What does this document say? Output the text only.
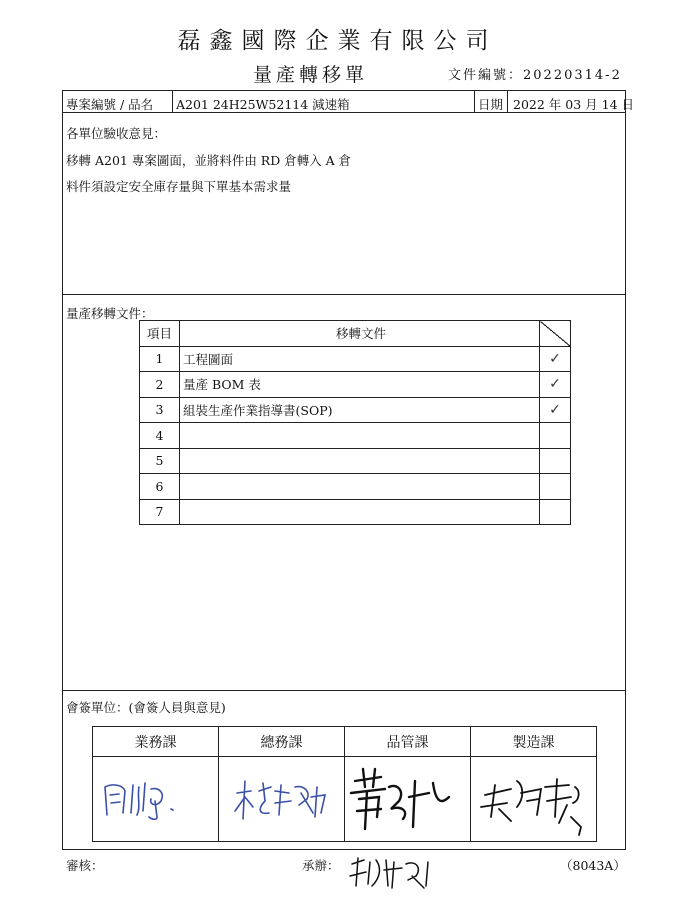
磊鑫國際企業有限公司
量產轉移單	文件編號：20220314-2
專案編號 / 品名 A201 24H25W52114 減速箱	日期 2022 年 03 月 14 日
各單位驗收意見：
移轉 A201 專案圖面，並將料件由 RD 倉轉入 A 倉
料件須設定安全庫存量與下單基本需求量
量產移轉文件：
項目	移轉文件	
1	工程圖面	✓
2	量產 BOM 表	✓
3	組裝生產作業指導書(SOP)	✓
4		
5		
6		
7		
會簽單位：(會簽人員與意見)
業務課	總務課	品管課	製造課

審核：	承辦：	（8043A）
